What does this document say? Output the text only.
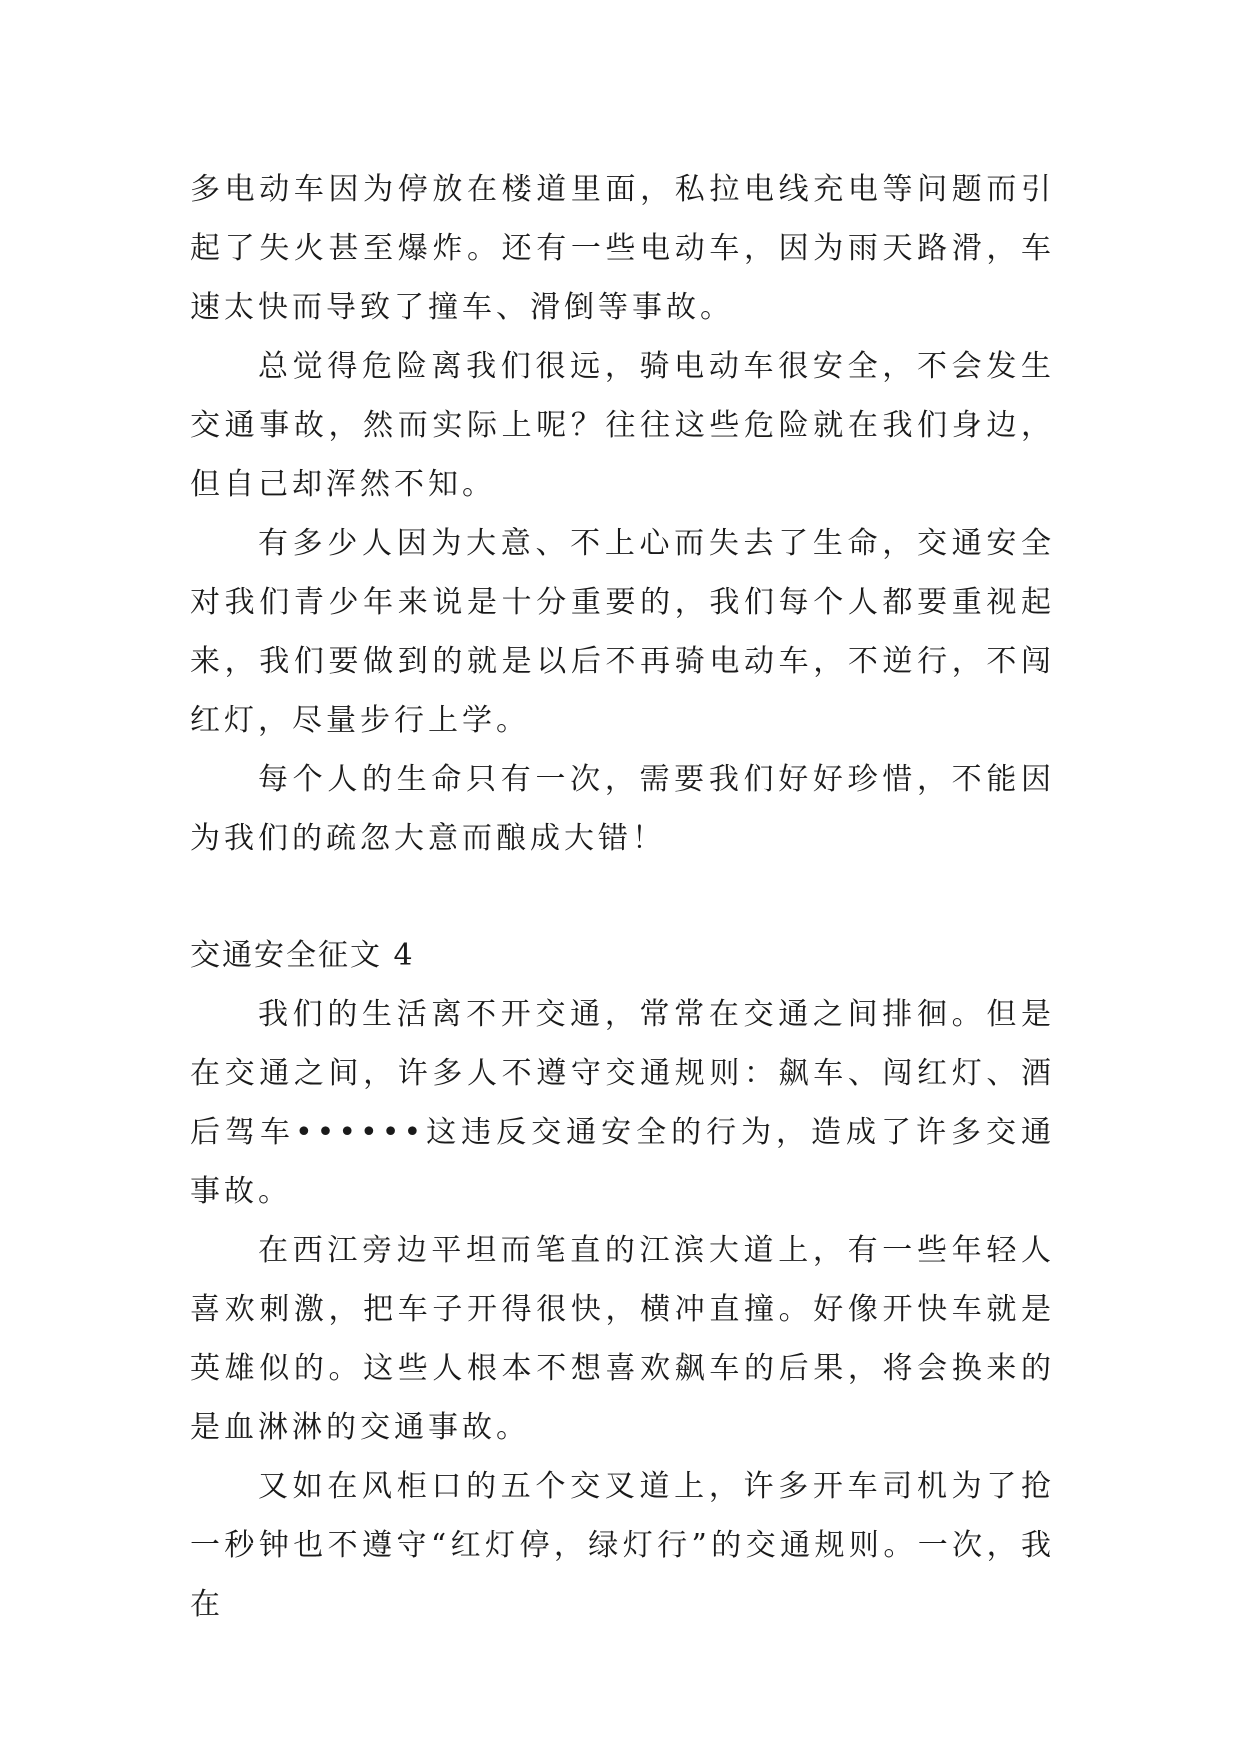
多电动车因为停放在楼道里面，私拉电线充电等问题而引起了失火甚至爆炸。还有一些电动车，因为雨天路滑，车速太快而导致了撞车、滑倒等事故。

总觉得危险离我们很远，骑电动车很安全，不会发生交通事故，然而实际上呢？往往这些危险就在我们身边，但自己却浑然不知。

有多少人因为大意、不上心而失去了生命，交通安全对我们青少年来说是十分重要的，我们每个人都要重视起来，我们要做到的就是以后不再骑电动车，不逆行，不闯红灯，尽量步行上学。

每个人的生命只有一次，需要我们好好珍惜，不能因为我们的疏忽大意而酿成大错！

交通安全征文 4

我们的生活离不开交通，常常在交通之间排徊。但是在交通之间，许多人不遵守交通规则：飙车、闯红灯、酒后驾车••••••这违反交通安全的行为，造成了许多交通事故。

在西江旁边平坦而笔直的江滨大道上，有一些年轻人喜欢刺激，把车子开得很快，横冲直撞。好像开快车就是英雄似的。这些人根本不想喜欢飙车的后果，将会换来的是血淋淋的交通事故。

又如在风柜口的五个交叉道上，许多开车司机为了抢一秒钟也不遵守“红灯停，绿灯行”的交通规则。一次，我在
